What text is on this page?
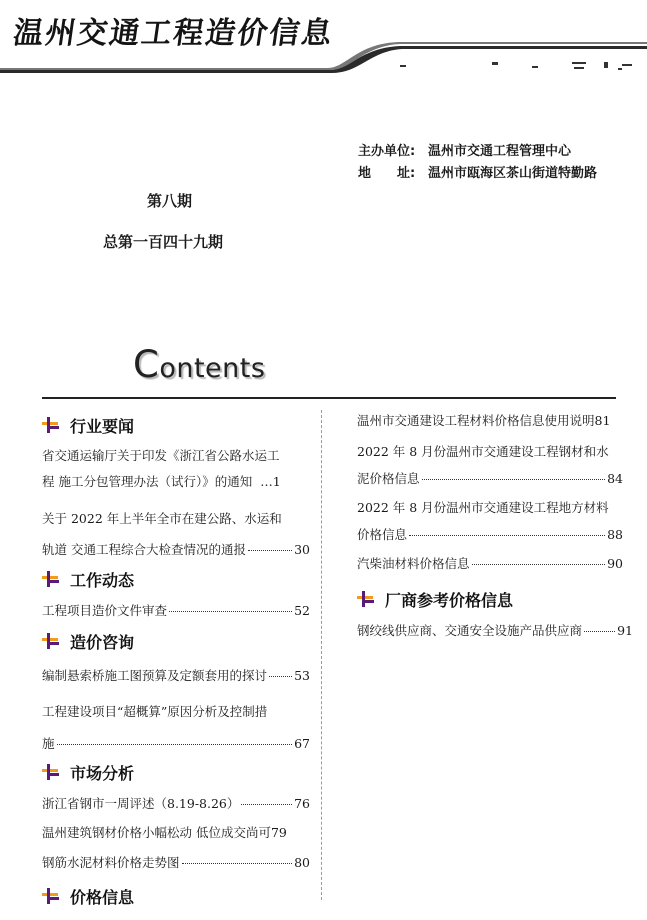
温州交通工程造价信息
主办单位: 温州市交通工程管理中心
地　　址: 温州市瓯海区茶山街道特勤路
第八期
总第一百四十九期
Contents
行业要闻
省交通运输厅关于印发《浙江省公路水运工
程 施工分包管理办法（试行）》的通知 … 1
关于 2022 年上半年全市在建公路、水运和
轨道 交通工程综合大检查情况的通报	30
工作动态
工程项目造价文件审查	52
造价咨询
编制悬索桥施工图预算及定额套用的探讨 53
工程建设项目“超概算”原因分析及控制措
施	67
市场分析
浙江省钢市一周评述（8.19-8.26）	76
温州建筑钢材价格小幅松动 低位成交尚可 79
钢筋水泥材料价格走势图	80
价格信息
温州市交通建设工程材料价格信息使用说明 81
2022 年 8 月份温州市交通建设工程钢材和水
泥价格信息	84
2022 年 8 月份温州市交通建设工程地方材料
价格信息	88
汽柴油材料价格信息	90
厂商参考价格信息
钢绞线供应商、交通安全设施产品供应商	91
